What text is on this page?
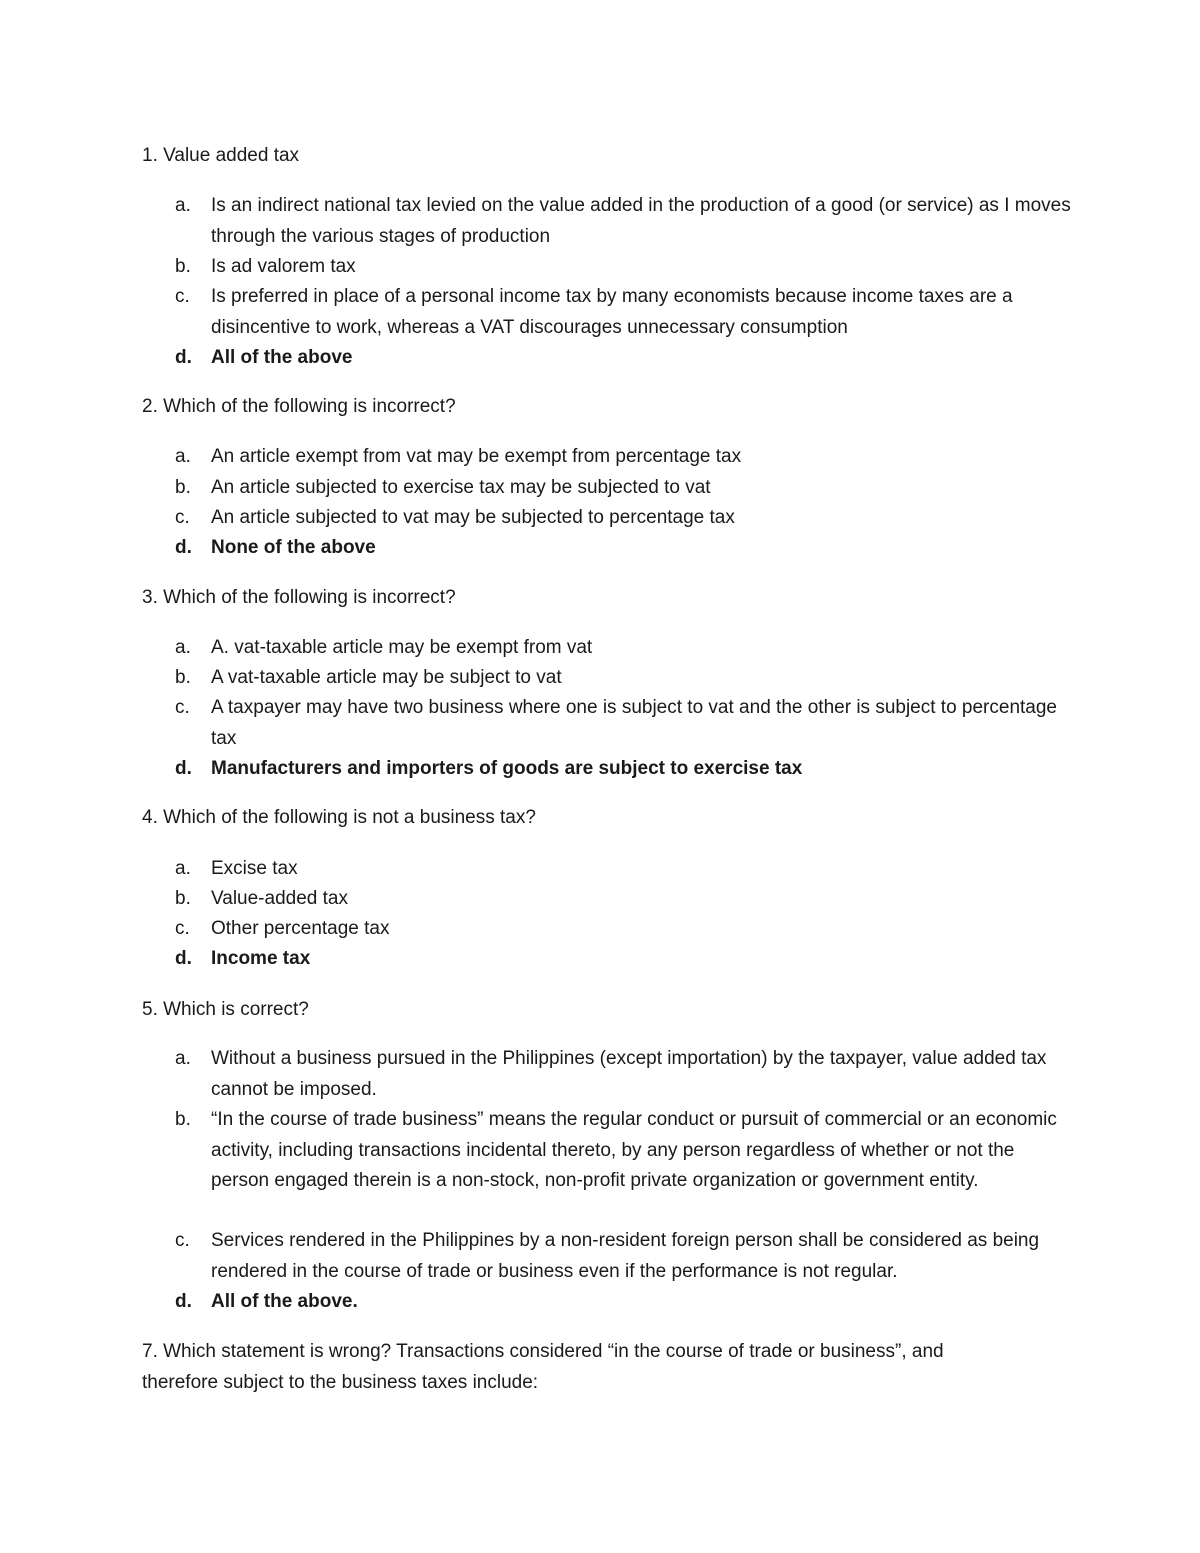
1. Value added tax
a.	Is an indirect national tax levied on the value added in the production of a good (or service) as I moves through the various stages of production
b.	Is ad valorem tax
c.	Is preferred in place of a personal income tax by many economists because income taxes are a disincentive to work, whereas a VAT discourages unnecessary consumption
d.	All of the above
2. Which of the following is incorrect?
a.	An article exempt from vat may be exempt from percentage tax
b.	An article subjected to exercise tax may be subjected to vat
c.	An article subjected to vat may be subjected to percentage tax
d.	None of the above
3. Which of the following is incorrect?
a.	A. vat-taxable article may be exempt from vat
b.	A vat-taxable article may be subject to vat
c.	A taxpayer may have two business where one is subject to vat and the other is subject to percentage tax
d.	Manufacturers and importers of goods are subject to exercise tax
4. Which of the following is not a business tax?
a.	Excise tax
b.	Value-added tax
c.	Other percentage tax
d.	Income tax
5. Which is correct?
a.	Without a business pursued in the Philippines (except importation) by the taxpayer, value added tax cannot be imposed.
b.	“In the course of trade business” means the regular conduct or pursuit of commercial or an economic activity, including transactions incidental thereto, by any person regardless of whether or not the person engaged therein is a non-stock, non-profit private organization or government entity.
c.	Services rendered in the Philippines by a non-resident foreign person shall be considered as being rendered in the course of trade or business even if the performance is not regular.
d.	All of the above.
7. Which statement is wrong? Transactions considered “in the course of trade or business”, and therefore subject to the business taxes include:
